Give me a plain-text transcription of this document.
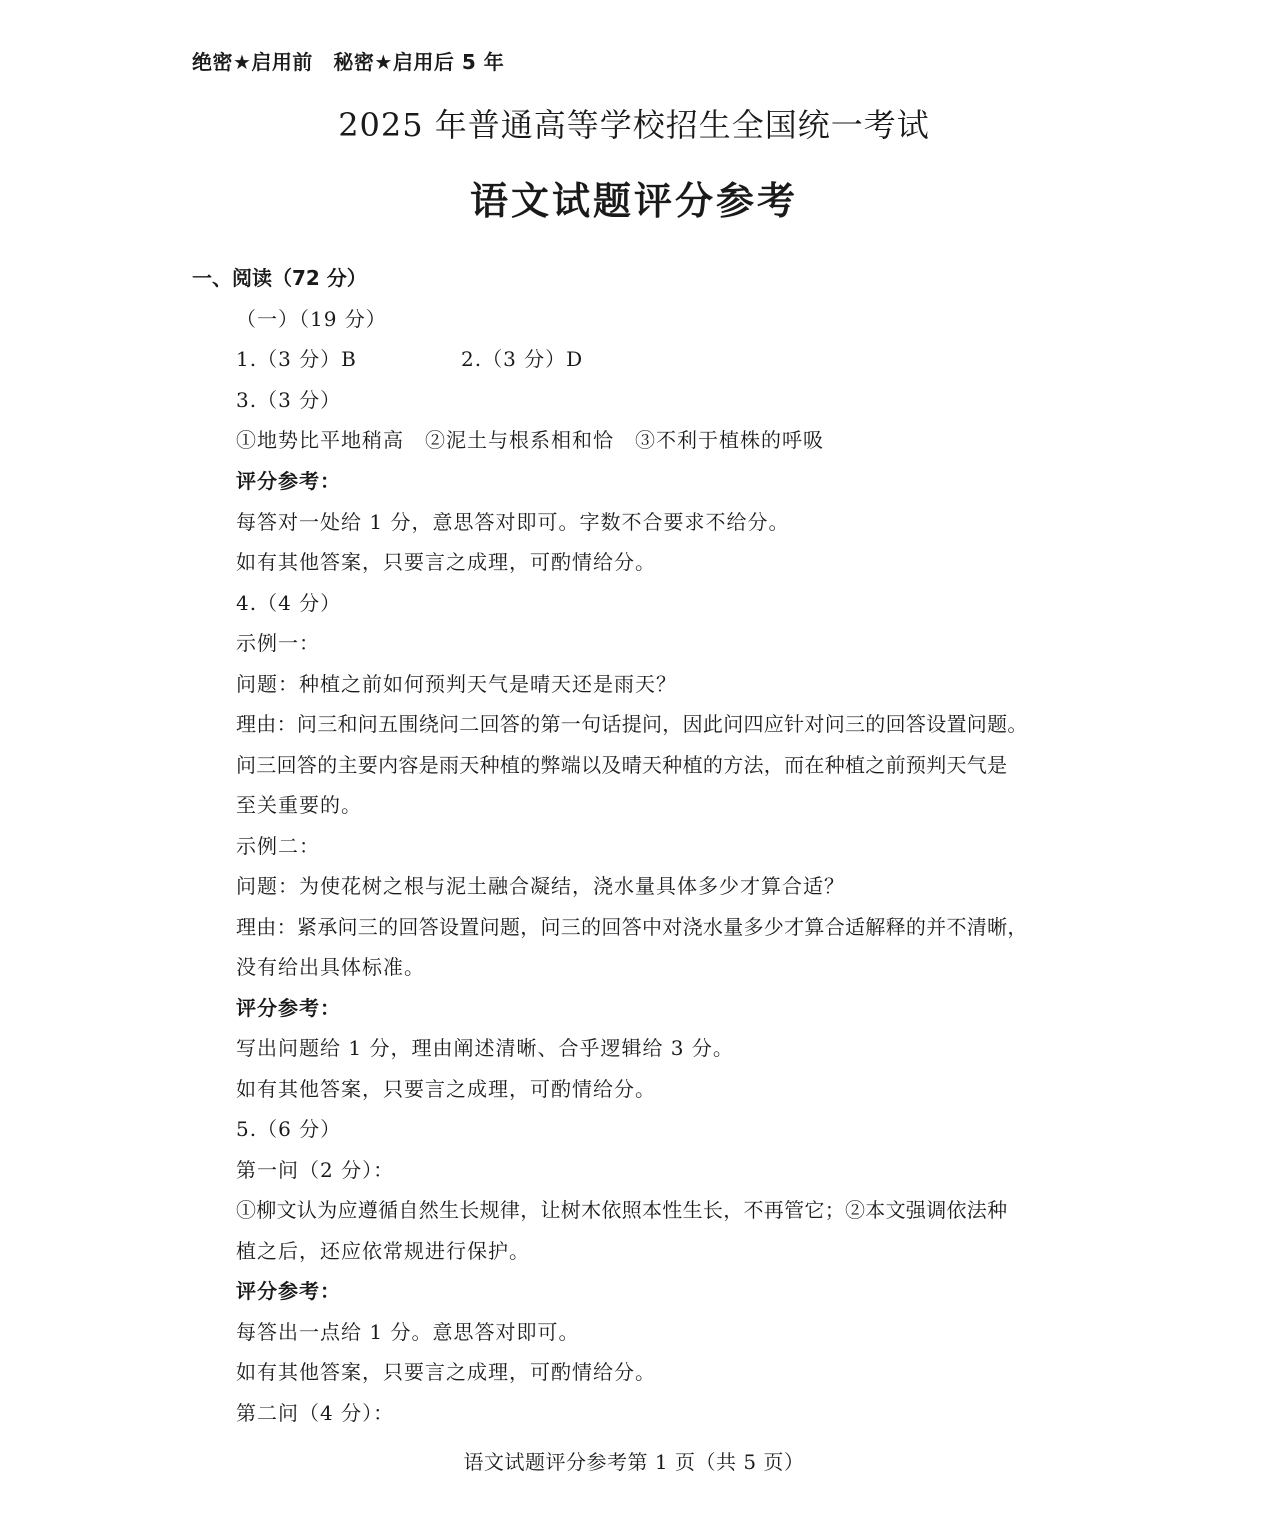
绝密★启用前　秘密★启用后 5 年
2025 年普通高等学校招生全国统一考试
语文试题评分参考
一、阅读（72 分）
（一）（19 分）
1.（3 分）B	2.（3 分）D
3.（3 分）
①地势比平地稍高　②泥土与根系相和恰　③不利于植株的呼吸
评分参考：
每答对一处给 1 分，意思答对即可。字数不合要求不给分。
如有其他答案，只要言之成理，可酌情给分。
4.（4 分）
示例一：
问题：种植之前如何预判天气是晴天还是雨天？
理由：问三和问五围绕问二回答的第一句话提问，因此问四应针对问三的回答设置问题。
问三回答的主要内容是雨天种植的弊端以及晴天种植的方法，而在种植之前预判天气是
至关重要的。
示例二：
问题：为使花树之根与泥土融合凝结，浇水量具体多少才算合适？
理由：紧承问三的回答设置问题，问三的回答中对浇水量多少才算合适解释的并不清晰，
没有给出具体标准。
评分参考：
写出问题给 1 分，理由阐述清晰、合乎逻辑给 3 分。
如有其他答案，只要言之成理，可酌情给分。
5.（6 分）
第一问（2 分）：
①柳文认为应遵循自然生长规律，让树木依照本性生长，不再管它；②本文强调依法种
植之后，还应依常规进行保护。
评分参考：
每答出一点给 1 分。意思答对即可。
如有其他答案，只要言之成理，可酌情给分。
第二问（4 分）：
语文试题评分参考第 1 页（共 5 页）
